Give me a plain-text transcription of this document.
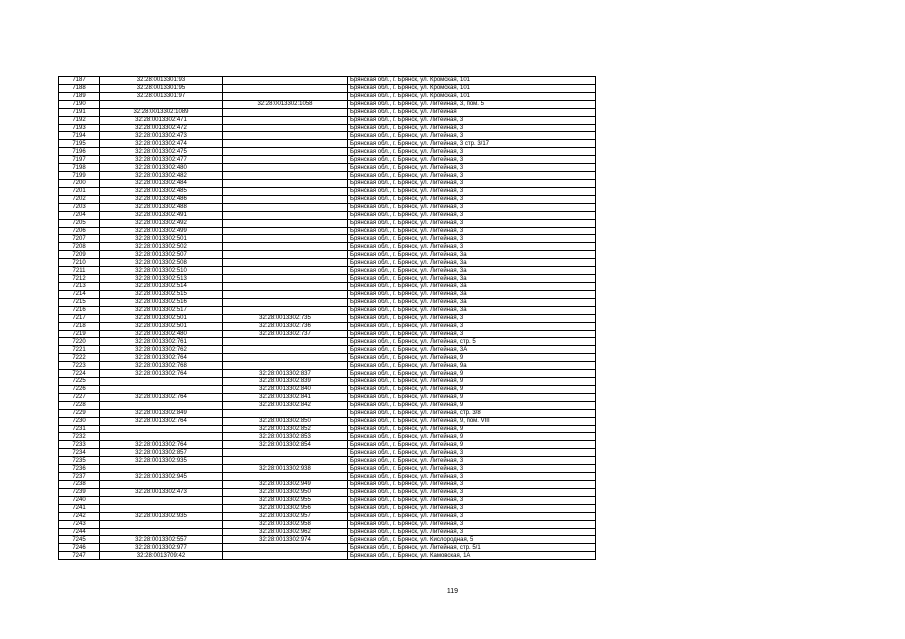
7187	32:28:0013301:93		Брянская обл., г. Брянск, ул. Кромская, 101
7188	32:28:0013301:95		Брянская обл., г. Брянск, ул. Кромская, 101
7189	32:28:0013301:97		Брянская обл., г. Брянск, ул. Кромская, 101
7190		32:28:0013302:1058	Брянская обл., г. Брянск, ул. Литейная, 3, пом. 5
7191	32:28:0013302:1089		Брянская обл., г. Брянск, ул. Литейная
7192	32:28:0013302:471		Брянская обл., г. Брянск, ул. Литейная, 3
7193	32:28:0013302:472		Брянская обл., г. Брянск, ул. Литейная, 3
7194	32:28:0013302:473		Брянская обл., г. Брянск, ул. Литейная, 3
7195	32:28:0013302:474		Брянская обл., г. Брянск, ул. Литейная, 3 стр. 3/17
7196	32:28:0013302:475		Брянская обл., г. Брянск, ул. Литейная, 3
7197	32:28:0013302:477		Брянская обл., г. Брянск, ул. Литейная, 3
7198	32:28:0013302:480		Брянская обл., г. Брянск, ул. Литейная, 3
7199	32:28:0013302:482		Брянская обл., г. Брянск, ул. Литейная, 3
7200	32:28:0013302:484		Брянская обл., г. Брянск, ул. Литейная, 3
7201	32:28:0013302:485		Брянская обл., г. Брянск, ул. Литейная, 3
7202	32:28:0013302:486		Брянская обл., г. Брянск, ул. Литейная, 3
7203	32:28:0013302:488		Брянская обл., г. Брянск, ул. Литейная, 3
7204	32:28:0013302:491		Брянская обл., г. Брянск, ул. Литейная, 3
7205	32:28:0013302:492		Брянская обл., г. Брянск, ул. Литейная, 3
7206	32:28:0013302:499		Брянская обл., г. Брянск, ул. Литейная, 3
7207	32:28:0013302:501		Брянская обл., г. Брянск, ул. Литейная, 3
7208	32:28:0013302:502		Брянская обл., г. Брянск, ул. Литейная, 3
7209	32:28:0013302:507		Брянская обл., г. Брянск, ул. Литейная, 3а
7210	32:28:0013302:508		Брянская обл., г. Брянск, ул. Литейная, 3а
7211	32:28:0013302:510		Брянская обл., г. Брянск, ул. Литейная, 3а
7212	32:28:0013302:513		Брянская обл., г. Брянск, ул. Литейная, 3а
7213	32:28:0013302:514		Брянская обл., г. Брянск, ул. Литейная, 3а
7214	32:28:0013302:515		Брянская обл., г. Брянск, ул. Литейная, 3а
7215	32:28:0013302:516		Брянская обл., г. Брянск, ул. Литейная, 3а
7216	32:28:0013302:517		Брянская обл., г. Брянск, ул. Литейная, 3а
7217	32:28:0013302:501	32:28:0013302:735	Брянская обл., г. Брянск, ул. Литейная, 3
7218	32:28:0013302:501	32:28:0013302:736	Брянская обл., г. Брянск, ул. Литейная, 3
7219	32:28:0013302:480	32:28:0013302:737	Брянская обл., г. Брянск, ул. Литейная, 3
7220	32:28:0013302:761		Брянская обл., г. Брянск, ул. Литейная, стр. 5
7221	32:28:0013302:762		Брянская обл., г. Брянск, ул. Литейная, 3А
7222	32:28:0013302:764		Брянская обл., г. Брянск, ул. Литейная, 9
7223	32:28:0013302:768		Брянская обл., г. Брянск, ул. Литейная, 9а
7224	32:28:0013302:764	32:28:0013302:837	Брянская обл., г. Брянск, ул. Литейная, 9
7225		32:28:0013302:839	Брянская обл., г. Брянск, ул. Литейная, 9
7226		32:28:0013302:840	Брянская обл., г. Брянск, ул. Литейная, 9
7227	32:28:0013302:764	32:28:0013302:841	Брянская обл., г. Брянск, ул. Литейная, 9
7228		32:28:0013302:842	Брянская обл., г. Брянск, ул. Литейная, 9
7229	32:28:0013302:849		Брянская обл., г. Брянск, ул. Литейная, стр. 3/8
7230	32:28:0013302:764	32:28:0013302:850	Брянская обл., г. Брянск, ул. Литейная, 9, пом. VIII
7231		32:28:0013302:852	Брянская обл., г. Брянск, ул. Литейная, 9
7232		32:28:0013302:853	Брянская обл., г. Брянск, ул. Литейная, 9
7233	32:28:0013302:764	32:28:0013302:854	Брянская обл., г. Брянск, ул. Литейная, 9
7234	32:28:0013302:857		Брянская обл., г. Брянск, ул. Литейная, 3
7235	32:28:0013302:935		Брянская обл., г. Брянск, ул. Литейная, 3
7236		32:28:0013302:938	Брянская обл., г. Брянск, ул. Литейная, 3
7237	32:28:0013302:945		Брянская обл., г. Брянск, ул. Литейная, 3
7238		32:28:0013302:949	Брянская обл., г. Брянск, ул. Литейная, 3
7239	32:28:0013302:473	32:28:0013302:950	Брянская обл., г. Брянск, ул. Литейная, 3
7240		32:28:0013302:955	Брянская обл., г. Брянск, ул. Литейная, 3
7241		32:28:0013302:956	Брянская обл., г. Брянск, ул. Литейная, 3
7242	32:28:0013302:935	32:28:0013302:957	Брянская обл., г. Брянск, ул. Литейная, 3
7243		32:28:0013302:958	Брянская обл., г. Брянск, ул. Литейная, 3
7244		32:28:0013302:962	Брянская обл., г. Брянск, ул. Литейная, 3
7245	32:28:0013302:557	32:28:0013302:974	Брянская обл., г. Брянск, ул. Кислородная, 5
7246	32:28:0013302:977		Брянская обл., г. Брянск, ул. Литейная, стр. 5/1
7247	32:28:0013709:42		Брянская обл., г. Брянск, ул. Камовская, 1А
119
